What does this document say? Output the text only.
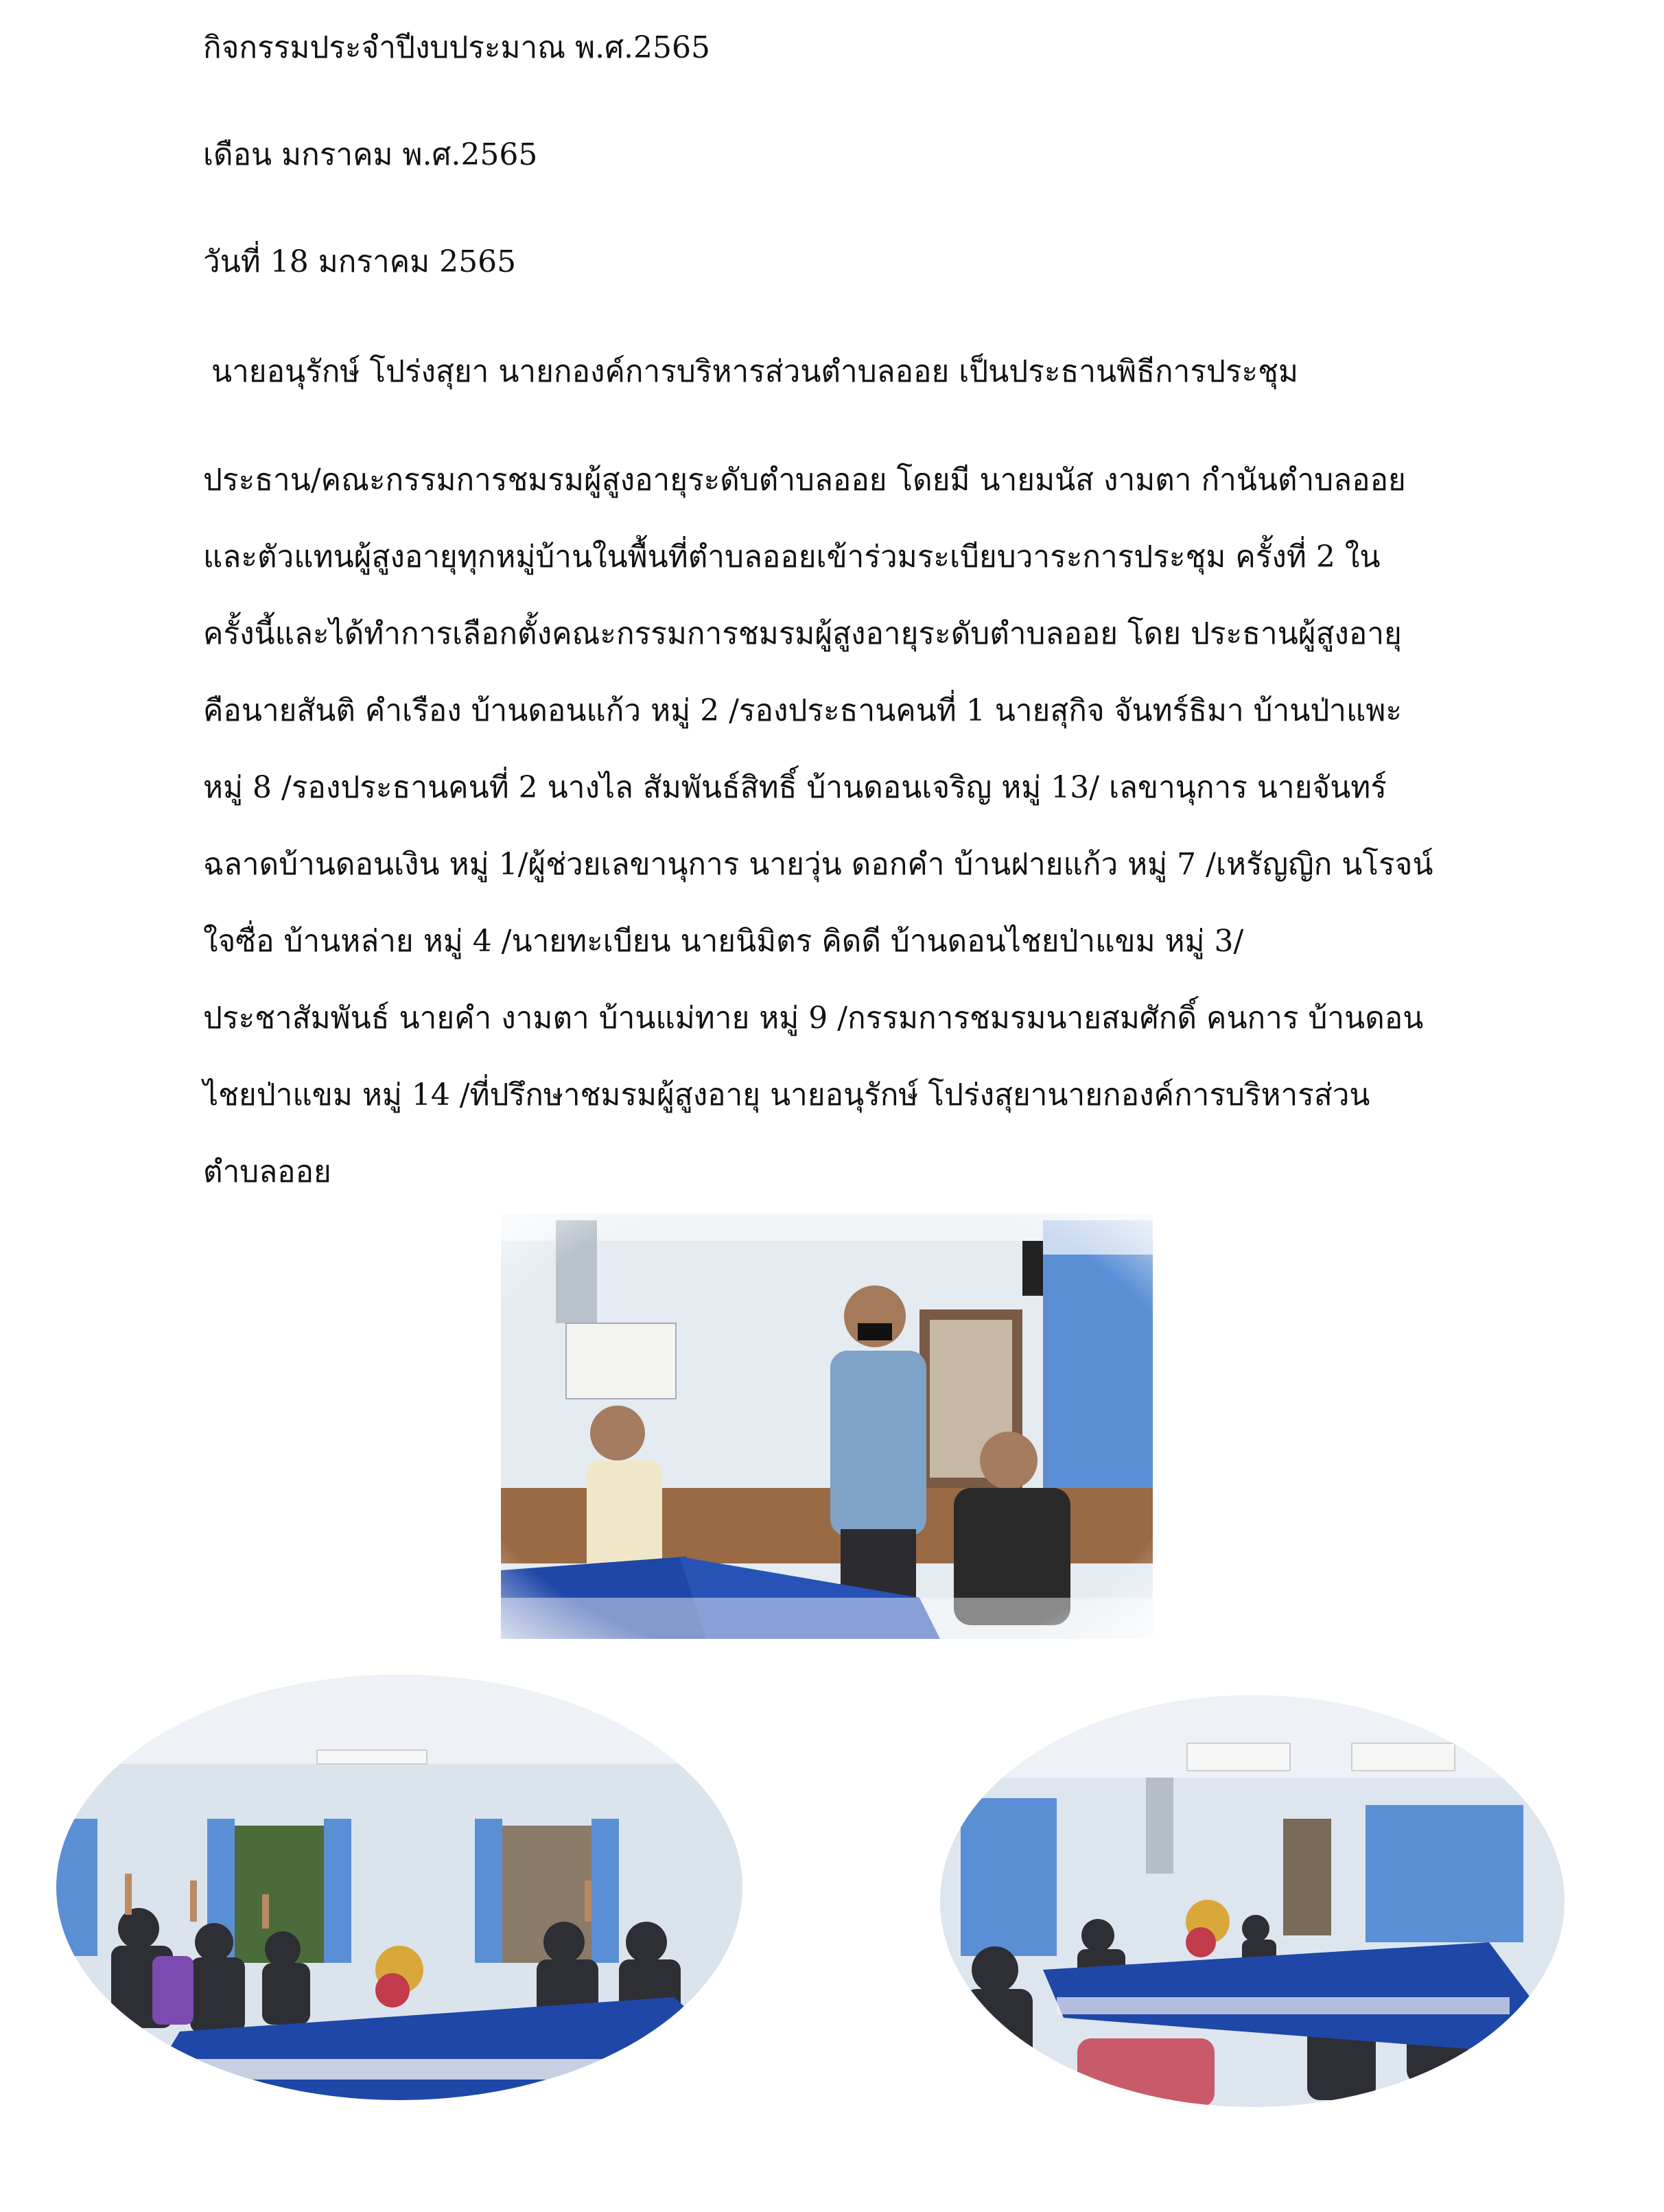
กิจกรรมประจำปีงบประมาณ พ.ศ.2565
เดือน มกราคม พ.ศ.2565
วันที่ 18 มกราคม 2565
นายอนุรักษ์ โปร่งสุยา นายกองค์การบริหารส่วนตำบลออย เป็นประธานพิธีการประชุม
ประธาน/คณะกรรมการชมรมผู้สูงอายุระดับตำบลออย โดยมี นายมนัส งามตา กำนันตำบลออย
และตัวแทนผู้สูงอายุทุกหมู่บ้านในพื้นที่ตำบลออยเข้าร่วมระเบียบวาระการประชุม ครั้งที่ 2 ใน
ครั้งนี้และได้ทำการเลือกตั้งคณะกรรมการชมรมผู้สูงอายุระดับตำบลออย โดย ประธานผู้สูงอายุ
คือนายสันติ คำเรือง บ้านดอนแก้ว หมู่ 2 /รองประธานคนที่ 1 นายสุกิจ จันทร์ธิมา บ้านป่าแพะ
หมู่ 8 /รองประธานคนที่ 2 นางไล สัมพันธ์สิทธิ์ บ้านดอนเจริญ หมู่ 13/ เลขานุการ นายจันทร์
ฉลาดบ้านดอนเงิน หมู่ 1/ผู้ช่วยเลขานุการ นายวุ่น ดอกคำ บ้านฝายแก้ว หมู่ 7 /เหรัญญิก นโรจน์
ใจซื่อ บ้านหล่าย หมู่ 4 /นายทะเบียน นายนิมิตร คิดดี บ้านดอนไชยป่าแขม หมู่ 3/
ประชาสัมพันธ์ นายคำ งามตา บ้านแม่ทาย หมู่ 9 /กรรมการชมรมนายสมศักดิ์ คนการ บ้านดอน
ไชยป่าแขม หมู่ 14 /ที่ปรึกษาชมรมผู้สูงอายุ นายอนุรักษ์ โปร่งสุยานายกองค์การบริหารส่วน
ตำบลออย
